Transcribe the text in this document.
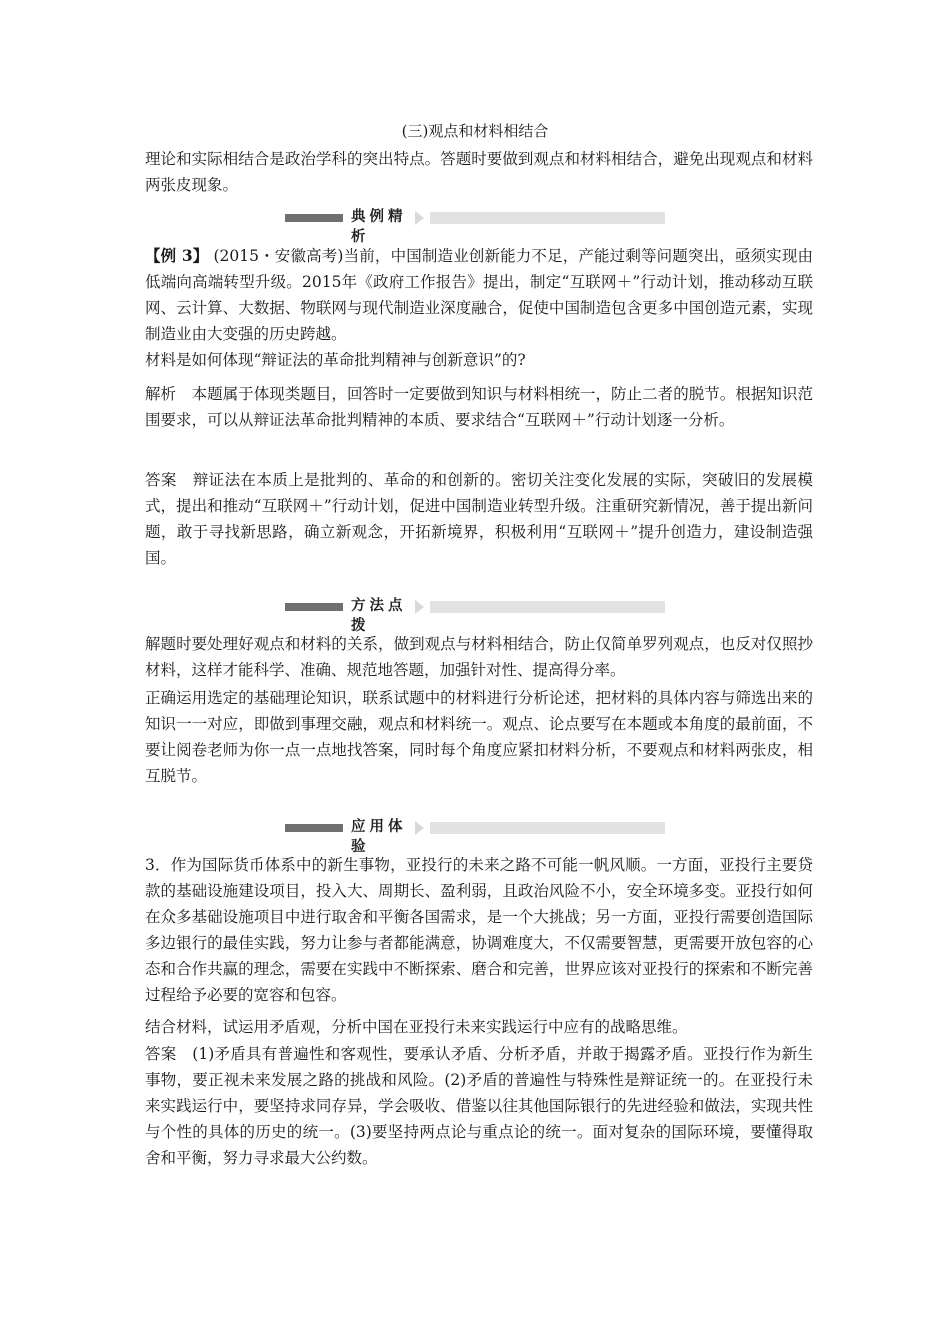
(三)观点和材料相结合

理论和实际相结合是政治学科的突出特点。答题时要做到观点和材料相结合，避免出现观点和材料两张皮现象。

典例精析

【例 3】 (2015・安徽高考)当前，中国制造业创新能力不足，产能过剩等问题突出，亟须实现由低端向高端转型升级。2015年《政府工作报告》提出，制定“互联网＋”行动计划，推动移动互联网、云计算、大数据、物联网与现代制造业深度融合，促使中国制造包含更多中国创造元素，实现制造业由大变强的历史跨越。

材料是如何体现“辩证法的革命批判精神与创新意识”的?

解析　 本题属于体现类题目，回答时一定要做到知识与材料相统一，防止二者的脱节。根据知识范围要求，可以从辩证法革命批判精神的本质、要求结合“互联网＋”行动计划逐一分析。

答案　 辩证法在本质上是批判的、革命的和创新的。密切关注变化发展的实际，突破旧的发展模式，提出和推动“互联网＋”行动计划，促进中国制造业转型升级。注重研究新情况，善于提出新问题，敢于寻找新思路，确立新观念，开拓新境界，积极利用“互联网＋”提升创造力，建设制造强国。

方法点拨

解题时要处理好观点和材料的关系，做到观点与材料相结合，防止仅简单罗列观点，也反对仅照抄材料，这样才能科学、准确、规范地答题，加强针对性、提高得分率。

正确运用选定的基础理论知识，联系试题中的材料进行分析论述，把材料的具体内容与筛选出来的知识一一对应，即做到事理交融，观点和材料统一。观点、论点要写在本题或本角度的最前面，不要让阅卷老师为你一点一点地找答案，同时每个角度应紧扣材料分析，不要观点和材料两张皮，相互脱节。

应用体验

3．作为国际货币体系中的新生事物，亚投行的未来之路不可能一帆风顺。一方面，亚投行主要贷款的基础设施建设项目，投入大、周期长、盈利弱，且政治风险不小，安全环境多变。亚投行如何在众多基础设施项目中进行取舍和平衡各国需求，是一个大挑战；另一方面，亚投行需要创造国际多边银行的最佳实践，努力让参与者都能满意，协调难度大，不仅需要智慧，更需要开放包容的心态和合作共赢的理念，需要在实践中不断探索、磨合和完善，世界应该对亚投行的探索和不断完善过程给予必要的宽容和包容。

结合材料，试运用矛盾观，分析中国在亚投行未来实践运行中应有的战略思维。

答案　 (1)矛盾具有普遍性和客观性，要承认矛盾、分析矛盾，并敢于揭露矛盾。亚投行作为新生事物，要正视未来发展之路的挑战和风险。(2)矛盾的普遍性与特殊性是辩证统一的。在亚投行未来实践运行中，要坚持求同存异，学会吸收、借鉴以往其他国际银行的先进经验和做法，实现共性与个性的具体的历史的统一。(3)要坚持两点论与重点论的统一。面对复杂的国际环境，要懂得取舍和平衡，努力寻求最大公约数。
